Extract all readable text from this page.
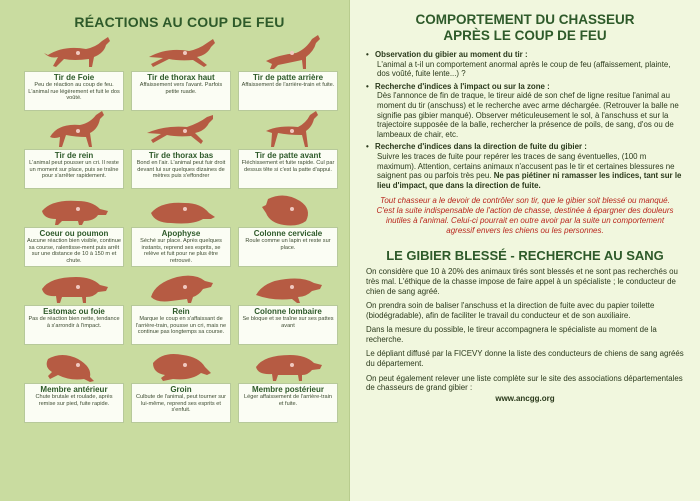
RÉACTIONS AU COUP DE FEU
Tir de Foie
Peu de réaction au coup de feu. L'animal rue légèrement et fuit le dos voûté.
Tir de thorax haut
Affaissement vers l'avant. Parfois petite ruade.
Tir de patte arrière
Affaissement de l'arrière-train et fuite.
Tir de rein
L'animal peut pousser un cri. Il reste un moment sur place, puis se traîne pour s'arrêter rapidement.
Tir de thorax bas
Bond en l'air. L'animal peut fuir droit devant lui sur quelques dizaines de mètres puis s'effondrer
Tir de patte avant
Fléchissement et fuite rapide. Cul par dessus tête si c'est la patte d'appui.
Coeur ou poumon
Aucune réaction bien visible, continue sa course, ralentisse-ment puis arrêt sur une distance de 10 à 150 m et chute.
Apophyse
Séché sur place. Après quelques instants, reprend ses esprits, se relève et fuit pour ne plus être retrouvé.
Colonne cervicale
Roule comme un lapin et reste sur place.
Estomac ou foie
Pas de réaction bien nette, tendance à s'arrondir à l'impact.
Rein
Marque le coup en s'affaissant de l'arrière-train, pousse un cri, mais ne continue pas longtemps sa course.
Colonne lombaire
Se bloque et se traîne sur ses pattes avant
Membre antérieur
Chute brutale et roulade, après remise sur pied, fuite rapide.
Groin
Culbute de l'animal, peut tourner sur lui-même, reprend ses esprits et s'enfuit.
Membre postérieur
Léger affaissement de l'arrière-train et fuite.
COMPORTEMENT DU CHASSEUR
APRÈS LE COUP DE FEU
• Observation du gibier au moment du tir :
L'animal a t-il un comportement anormal après le coup de feu (affaissement, plainte, dos voûté, fuite lente...) ?
• Recherche d'indices à l'impact ou sur la zone :
Dès l'annonce de fin de traque, le tireur aidé de son chef de ligne resitue l'animal au moment du tir (anschuss) et le recherche avec arme déchargée. (Retrouver la balle ne signifie pas gibier manqué). Observer méticuleusement le sol, à l'anschuss et sur la trajectoire supposée de la balle, rechercher la présence de poils, de sang, d'os ou de lambeaux de chair, etc.
• Recherche d'indices dans la direction de fuite du gibier :
Suivre les traces de fuite pour repérer les traces de sang éventuelles, (100 m maximum). Attention, certains animaux n'accusent pas le tir et certaines blessures ne saignent pas ou parfois très peu. Ne pas piétiner ni ramasser les indices, tant sur le lieu d'impact, que dans la direction de fuite.
Tout chasseur a le devoir de contrôler son tir, que le gibier soit blessé ou manqué. C'est la suite indispensable de l'action de chasse, destinée à épargner des douleurs inutiles à l'animal. Celui-ci pourrait en outre avoir par la suite un comportement agressif envers les chiens ou les personnes.
LE GIBIER BLESSÉ - RECHERCHE AU SANG
On considère que 10 à 20% des animaux tirés sont blessés et ne sont pas recherchés ou très mal. L'éthique de la chasse impose de faire appel à un spécialiste ; le conducteur de chien de sang agréé.
On prendra soin de baliser l'anschuss et la direction de fuite avec du papier toilette (biodégradable), afin de faciliter le travail du conducteur et de son auxiliaire.
Dans la mesure du possible, le tireur accompagnera le spécialiste au moment de la recherche.
Le dépliant diffusé par la FICEVY donne la liste des conducteurs de chiens de sang agréés du département.
On peut également relever une liste complète sur le site des associations départementales de chasseurs de grand gibier :
www.ancgg.org
